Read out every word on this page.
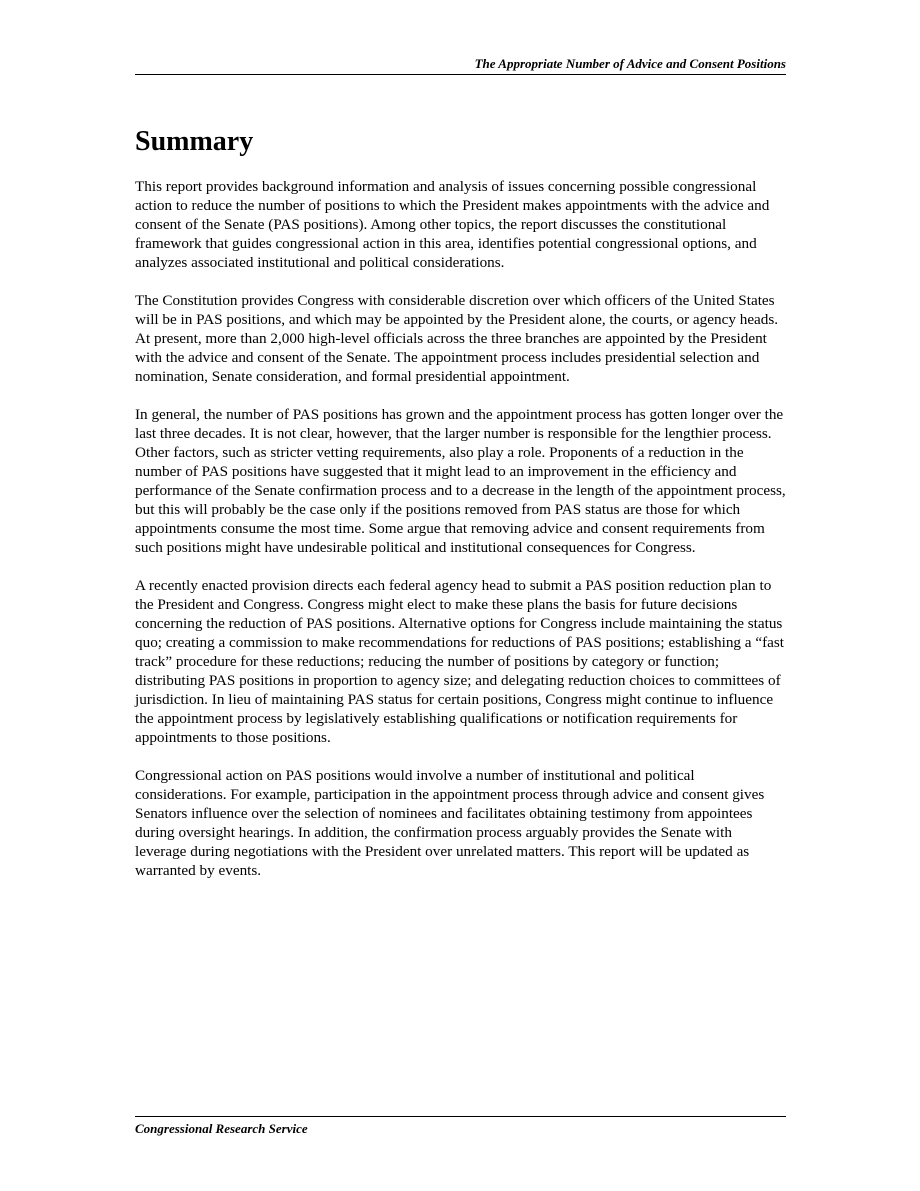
The Appropriate Number of Advice and Consent Positions
Summary

This report provides background information and analysis of issues concerning possible congressional action to reduce the number of positions to which the President makes appointments with the advice and consent of the Senate (PAS positions). Among other topics, the report discusses the constitutional framework that guides congressional action in this area, identifies potential congressional options, and analyzes associated institutional and political considerations.

The Constitution provides Congress with considerable discretion over which officers of the United States will be in PAS positions, and which may be appointed by the President alone, the courts, or agency heads. At present, more than 2,000 high-level officials across the three branches are appointed by the President with the advice and consent of the Senate. The appointment process includes presidential selection and nomination, Senate consideration, and formal presidential appointment.

In general, the number of PAS positions has grown and the appointment process has gotten longer over the last three decades. It is not clear, however, that the larger number is responsible for the lengthier process. Other factors, such as stricter vetting requirements, also play a role. Proponents of a reduction in the number of PAS positions have suggested that it might lead to an improvement in the efficiency and performance of the Senate confirmation process and to a decrease in the length of the appointment process, but this will probably be the case only if the positions removed from PAS status are those for which appointments consume the most time. Some argue that removing advice and consent requirements from such positions might have undesirable political and institutional consequences for Congress.

A recently enacted provision directs each federal agency head to submit a PAS position reduction plan to the President and Congress. Congress might elect to make these plans the basis for future decisions concerning the reduction of PAS positions. Alternative options for Congress include maintaining the status quo; creating a commission to make recommendations for reductions of PAS positions; establishing a “fast track” procedure for these reductions; reducing the number of positions by category or function; distributing PAS positions in proportion to agency size; and delegating reduction choices to committees of jurisdiction. In lieu of maintaining PAS status for certain positions, Congress might continue to influence the appointment process by legislatively establishing qualifications or notification requirements for appointments to those positions.

Congressional action on PAS positions would involve a number of institutional and political considerations. For example, participation in the appointment process through advice and consent gives Senators influence over the selection of nominees and facilitates obtaining testimony from appointees during oversight hearings. In addition, the confirmation process arguably provides the Senate with leverage during negotiations with the President over unrelated matters. This report will be updated as warranted by events.

Congressional Research Service
